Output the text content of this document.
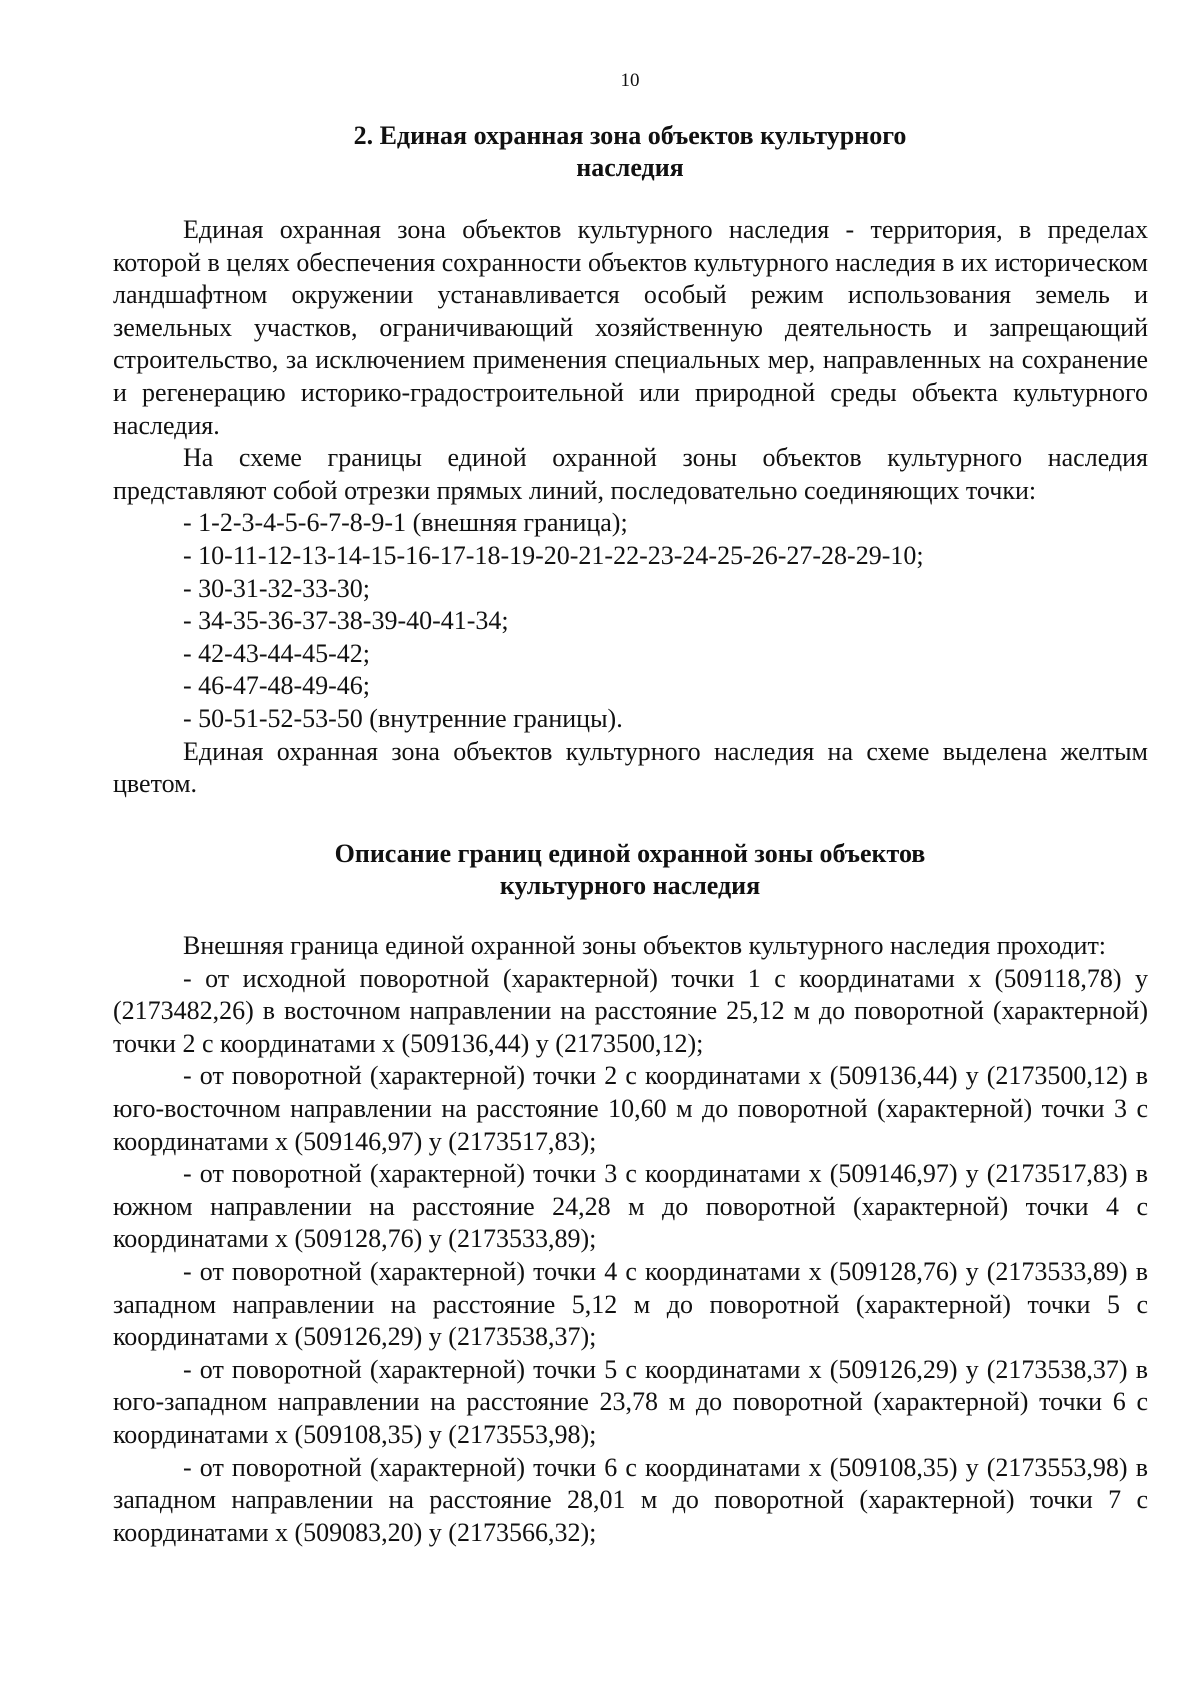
10
2. Единая охранная зона объектов культурного
наследия

Единая охранная зона объектов культурного наследия - территория, в пределах которой в целях обеспечения сохранности объектов культурного наследия в их историческом ландшафтном окружении устанавливается особый режим использования земель и земельных участков, ограничивающий хозяйственную деятельность и запрещающий строительство, за исключением применения специальных мер, направленных на сохранение и регенерацию историко-градостроительной или природной среды объекта культурного наследия.

На схеме границы единой охранной зоны объектов культурного наследия представляют собой отрезки прямых линий, последовательно соединяющих точки:

- 1-2-3-4-5-6-7-8-9-1 (внешняя граница);

- 10-11-12-13-14-15-16-17-18-19-20-21-22-23-24-25-26-27-28-29-10;

- 30-31-32-33-30;

- 34-35-36-37-38-39-40-41-34;

- 42-43-44-45-42;

- 46-47-48-49-46;

- 50-51-52-53-50 (внутренние границы).

Единая охранная зона объектов культурного наследия на схеме выделена желтым цветом.

Описание границ единой охранной зоны объектов
культурного наследия

Внешняя граница единой охранной зоны объектов культурного наследия проходит:

- от исходной поворотной (характерной) точки 1 с координатами х (509118,78) у (2173482,26) в восточном направлении на расстояние 25,12 м до поворотной (характерной) точки 2 с координатами х (509136,44) у (2173500,12);

- от поворотной (характерной) точки 2 с координатами х (509136,44) у (2173500,12) в юго-восточном направлении на расстояние 10,60 м до поворотной (характерной) точки 3 с координатами х (509146,97) у (2173517,83);

- от поворотной (характерной) точки 3 с координатами х (509146,97) у (2173517,83) в южном направлении на расстояние 24,28 м до поворотной (характерной) точки 4 с координатами х (509128,76) у (2173533,89);

- от поворотной (характерной) точки 4 с координатами х (509128,76) у (2173533,89) в западном направлении на расстояние 5,12 м до поворотной (характерной) точки 5 с координатами х (509126,29) у (2173538,37);

- от поворотной (характерной) точки 5 с координатами х (509126,29) у (2173538,37) в юго-западном направлении на расстояние 23,78 м до поворотной (характерной) точки 6 с координатами х (509108,35) у (2173553,98);

- от поворотной (характерной) точки 6 с координатами х (509108,35) у (2173553,98) в западном направлении на расстояние 28,01 м до поворотной (характерной) точки 7 с координатами х (509083,20) у (2173566,32);
